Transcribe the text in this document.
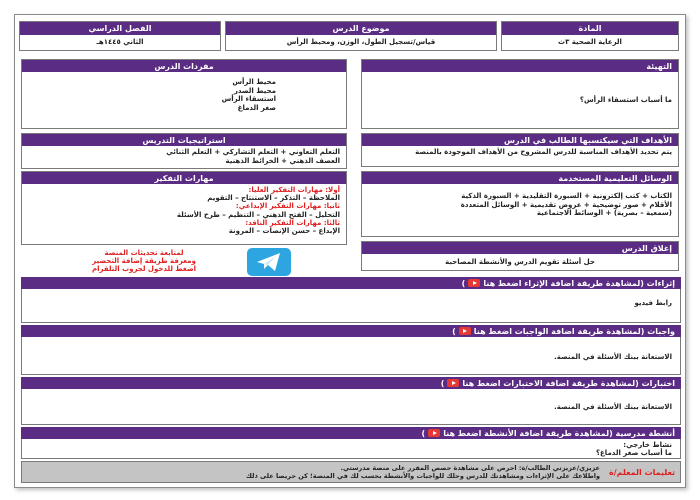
المادة
الرعاية الصحية ٣ث
موضوع الدرس
قياس/تسجيل الطول، الوزن، ومحيط الرأس
الفصل الدراسي
الثاني ١٤٤٥هـ
التهيئة
ما أسباب استسقاء الرأس؟
الأهداف التي سيكتسبها الطالب في الدرس
يتم تحديد الأهداف المناسبة للدرس المشروح من الأهداف الموجودة بالمنصة
الوسائل التعليمية المستخدمة
الكتاب + كتب إلكترونية + السبورة التقليدية + السبورة الذكية
الأقلام + صور توضيحية + عروض تقديمية + الوسائل المتعددة
(سمعية – بصرية) + الوسائط الاجتماعية
إغلاق الدرس
حل أسئلة تقويم الدرس والأنشطة المصاحبة
مفردات الدرس
محيط الرأس
محيط الصدر
استسقاء الرأس
صغر الدماغ
استراتيجيات التدريس
التعلم التعاوني + التعلم التشاركي + التعلم الثنائي
العصف الذهني + الخرائط الذهنية
مهارات التفكير
أولا: مهارات التفكير العليا:
الملاحظة – التذكر – الاستنتاج – التقويم
ثانيا: مهارات التفكير الإبداعي:
التحليل – الفتح الذهني – التنظيم – طرح الأسئلة
ثالثا: مهارات التفكير الناقد:
الإبداع – حسن الإنصات – المرونة
لمتابعة تحديثات المنصة
ومعرفة طريقة إضافة التحضير
اضغط للدخول لجروب التلقرام
إثراءات (لمشاهدة طريقة اضافة الإثراء اضغط هنا
)
رابط فيديو
واجبات (لمشاهدة طريقة اضافة الواجبات اضغط هنا
)
الاستعانة ببنك الأسئلة في المنصة.
اختبارات (لمشاهدة طريقة اضافة الاختبارات اضغط هنا
)
الاستعانة ببنك الأسئلة في المنصة.
أنشطة مدرسية (لمشاهدة طريقة اضافة الأنشطة اضغط هنا
)
نشاط خارجي:
ما أسباب صغر الدماغ؟
تعليمات المعلم/ة
عزيزي/عزيزتي الطالب/ة: احرص على مشاهدة حصص المقرر على منصة مدرستي.
واطلاعك على الإثراءات ومشاهدتك للدرس وحلك للواجبات والأنشطة بحسب لك في المنصة؛ كن حريصا على ذلك
